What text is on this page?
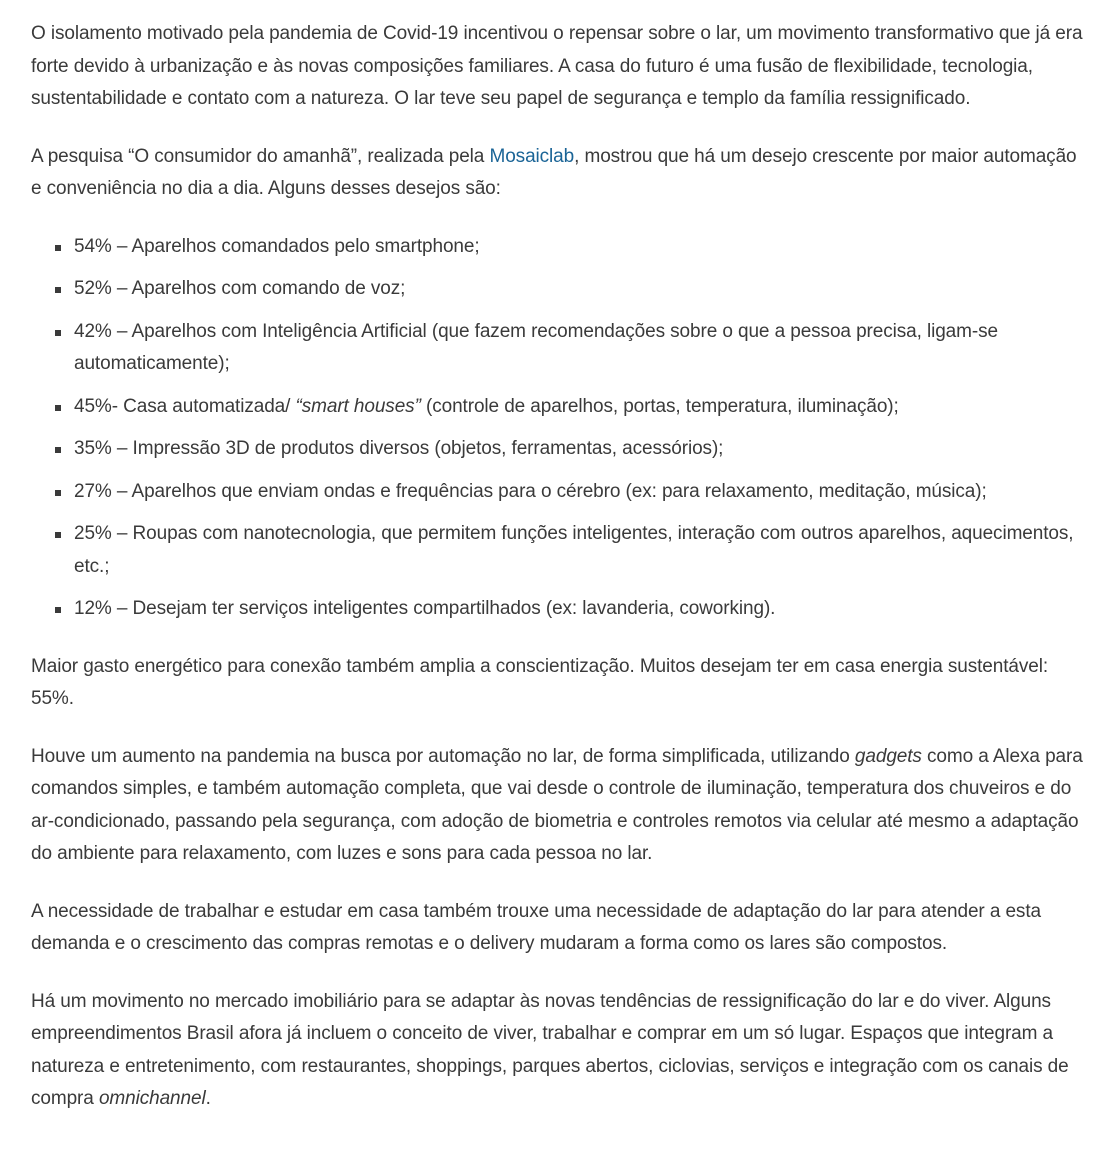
O isolamento motivado pela pandemia de Covid-19 incentivou o repensar sobre o lar, um movimento transformativo que já era forte devido à urbanização e às novas composições familiares. A casa do futuro é uma fusão de flexibilidade, tecnologia, sustentabilidade e contato com a natureza. O lar teve seu papel de segurança e templo da família ressignificado.

A pesquisa “O consumidor do amanhã”, realizada pela Mosaiclab, mostrou que há um desejo crescente por maior automação e conveniência no dia a dia. Alguns desses desejos são:

54% – Aparelhos comandados pelo smartphone;
52% – Aparelhos com comando de voz;
42% – Aparelhos com Inteligência Artificial (que fazem recomendações sobre o que a pessoa precisa, ligam-se automaticamente);
45%- Casa automatizada/ “smart houses” (controle de aparelhos, portas, temperatura, iluminação);
35% – Impressão 3D de produtos diversos (objetos, ferramentas, acessórios);
27% – Aparelhos que enviam ondas e frequências para o cérebro (ex: para relaxamento, meditação, música);
25% – Roupas com nanotecnologia, que permitem funções inteligentes, interação com outros aparelhos, aquecimentos, etc.;
12% – Desejam ter serviços inteligentes compartilhados (ex: lavanderia, coworking).

Maior gasto energético para conexão também amplia a conscientização. Muitos desejam ter em casa energia sustentável: 55%.

Houve um aumento na pandemia na busca por automação no lar, de forma simplificada, utilizando gadgets como a Alexa para comandos simples, e também automação completa, que vai desde o controle de iluminação, temperatura dos chuveiros e do ar-condicionado, passando pela segurança, com adoção de biometria e controles remotos via celular até mesmo a adaptação do ambiente para relaxamento, com luzes e sons para cada pessoa no lar.

A necessidade de trabalhar e estudar em casa também trouxe uma necessidade de adaptação do lar para atender a esta demanda e o crescimento das compras remotas e o delivery mudaram a forma como os lares são compostos.

Há um movimento no mercado imobiliário para se adaptar às novas tendências de ressignificação do lar e do viver. Alguns empreendimentos Brasil afora já incluem o conceito de viver, trabalhar e comprar em um só lugar. Espaços que integram a natureza e entretenimento, com restaurantes, shoppings, parques abertos, ciclovias, serviços e integração com os canais de compra omnichannel.
